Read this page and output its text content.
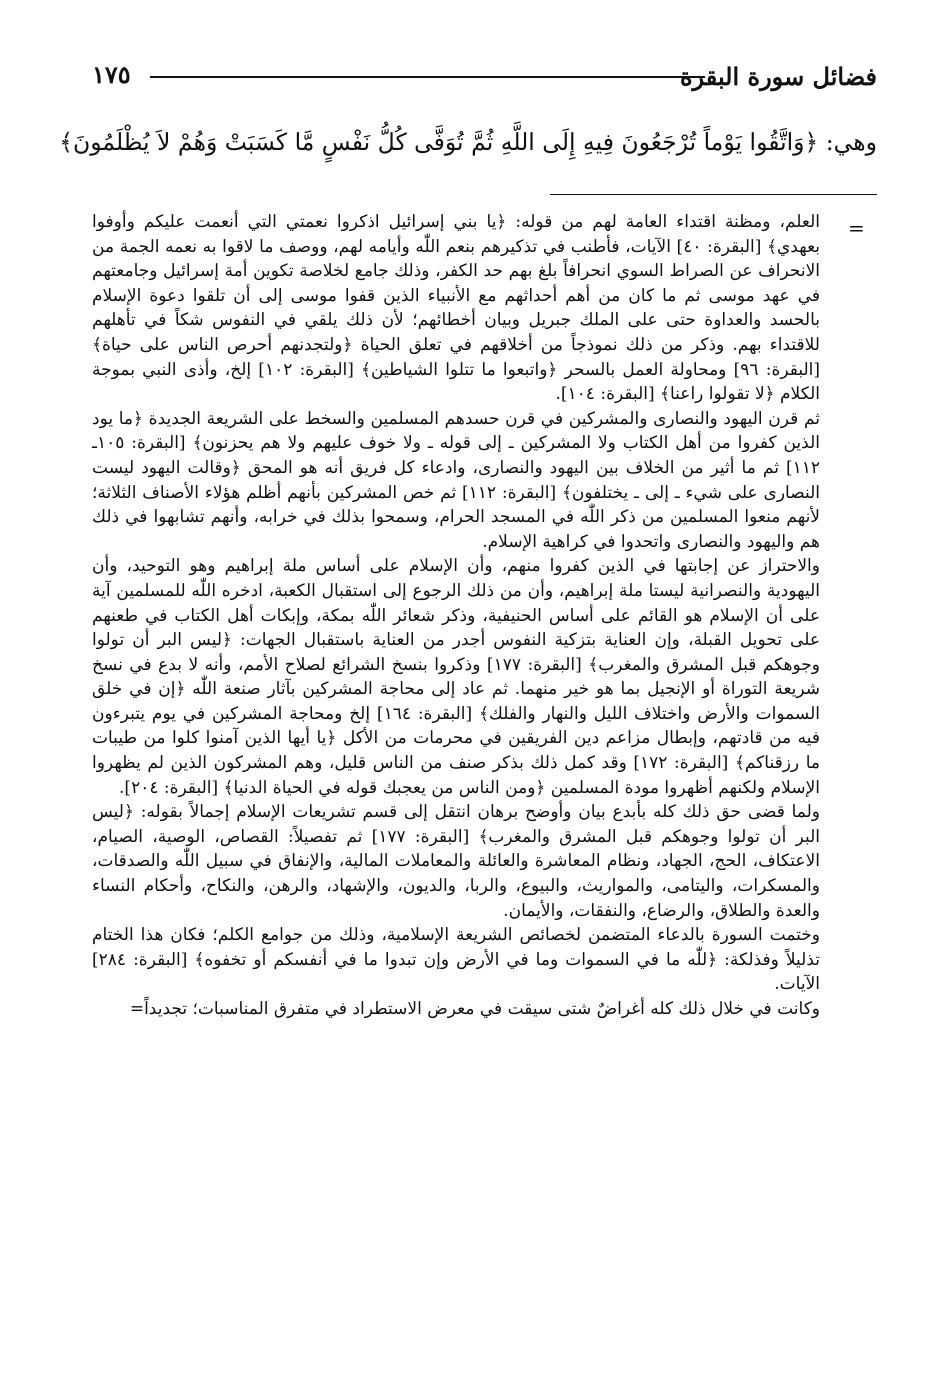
فضائل سورة البقرة
١٧٥
وهي: ﴿وَاتَّقُوا يَوْماً تُرْجَعُونَ فِيهِ إِلَى اللَّهِ ثُمَّ تُوَفَّى كُلُّ نَفْسٍ مَّا كَسَبَتْ وَهُمْ لاَ يُظْلَمُونَ﴾
=

العلم، ومظنة اقتداء العامة لهم من قوله: ﴿يا بني إسرائيل اذكروا نعمتي التي أنعمت عليكم وأوفوا بعهدي﴾ [البقرة: ٤٠] الآيات، فأطنب في تذكيرهم بنعم اللّٰه وأيامه لهم، ووصف ما لاقوا به نعمه الجمة من الانحراف عن الصراط السوي انحرافاً بلغ بهم حد الكفر، وذلك جامع لخلاصة تكوين أمة إسرائيل وجامعتهم في عهد موسى ثم ما كان من أهم أحداثهم مع الأنبياء الذين قفوا موسى إلى أن تلقوا دعوة الإسلام بالحسد والعداوة حتى على الملك جبريل وبيان أخطائهم؛ لأن ذلك يلقي في النفوس شكاً في تأهلهم للاقتداء بهم. وذكر من ذلك نموذجاً من أخلاقهم في تعلق الحياة ﴿ولتجدنهم أحرص الناس على حياة﴾ [البقرة: ٩٦] ومحاولة العمل بالسحر ﴿واتبعوا ما تتلوا الشياطين﴾ [البقرة: ١٠٢] إلخ، وأذى النبي بموجة الكلام ﴿لا تقولوا راعنا﴾ [البقرة: ١٠٤].

ثم قرن اليهود والنصارى والمشركين في قرن حسدهم المسلمين والسخط على الشريعة الجديدة ﴿ما يود الذين كفروا من أهل الكتاب ولا المشركين ـ إلى قوله ـ ولا خوف عليهم ولا هم يحزنون﴾ [البقرة: ١٠٥ـ ١١٢] ثم ما أثير من الخلاف بين اليهود والنصارى، وادعاء كل فريق أنه هو المحق ﴿وقالت اليهود ليست النصارى على شيء ـ إلى ـ يختلفون﴾ [البقرة: ١١٢] ثم خص المشركين بأنهم أظلم هؤلاء الأصناف الثلاثة؛ لأنهم منعوا المسلمين من ذكر اللّٰه في المسجد الحرام، وسمحوا بذلك في خرابه، وأنهم تشابهوا في ذلك هم واليهود والنصارى واتحدوا في كراهية الإسلام.

والاحتراز عن إجابتها في الذين كفروا منهم، وأن الإسلام على أساس ملة إبراهيم وهو التوحيد، وأن اليهودية والنصرانية ليستا ملة إبراهيم، وأن من ذلك الرجوع إلى استقبال الكعبة، ادخره اللّٰه للمسلمين آية على أن الإسلام هو القائم على أساس الحنيفية، وذكر شعائر اللّٰه بمكة، وإبكات أهل الكتاب في طعنهم على تحويل القبلة، وإن العناية بتزكية النفوس أجدر من العناية باستقبال الجهات: ﴿ليس البر أن تولوا وجوهكم قبل المشرق والمغرب﴾ [البقرة: ١٧٧] وذكروا بنسخ الشرائع لصلاح الأمم، وأنه لا بدع في نسخ شريعة التوراة أو الإنجيل بما هو خير منهما. ثم عاد إلى محاجة المشركين بآثار صنعة اللّٰه ﴿إن في خلق السموات والأرض واختلاف الليل والنهار والفلك﴾ [البقرة: ١٦٤] إلخ ومحاجة المشركين في يوم يتبرءون فيه من قادتهم، وإبطال مزاعم دين الفريقين في محرمات من الأكل ﴿يا أيها الذين آمنوا كلوا من طيبات ما رزقناكم﴾ [البقرة: ١٧٢] وقد كمل ذلك بذكر صنف من الناس قليل، وهم المشركون الذين لم يظهروا الإسلام ولكنهم أظهروا مودة المسلمين ﴿ومن الناس من يعجبك قوله في الحياة الدنيا﴾ [البقرة: ٢٠٤].

ولما قضى حق ذلك كله بأبدع بيان وأوضح برهان انتقل إلى قسم تشريعات الإسلام إجمالاً بقوله: ﴿ليس البر أن تولوا وجوهكم قبل المشرق والمغرب﴾ [البقرة: ١٧٧] ثم تفصيلاً: القصاص، الوصية، الصيام، الاعتكاف، الحج، الجهاد، ونظام المعاشرة والعائلة والمعاملات المالية، والإنفاق في سبيل اللّٰه والصدقات، والمسكرات، واليتامى، والمواريث، والبيوع، والربا، والديون، والإشهاد، والرهن، والنكاح، وأحكام النساء والعدة والطلاق، والرضاع، والنفقات، والأيمان.

وختمت السورة بالدعاء المتضمن لخصائص الشريعة الإسلامية، وذلك من جوامع الكلم؛ فكان هذا الختام تذليلاً وفذلكة: ﴿للّٰه ما في السموات وما في الأرض وإن تبدوا ما في أنفسكم أو تخفوه﴾ [البقرة: ٢٨٤] الآيات.

وكانت في خلال ذلك كله أغراضٌ شتى سيقت في معرض الاستطراد في متفرق المناسبات؛ تجديداً=
